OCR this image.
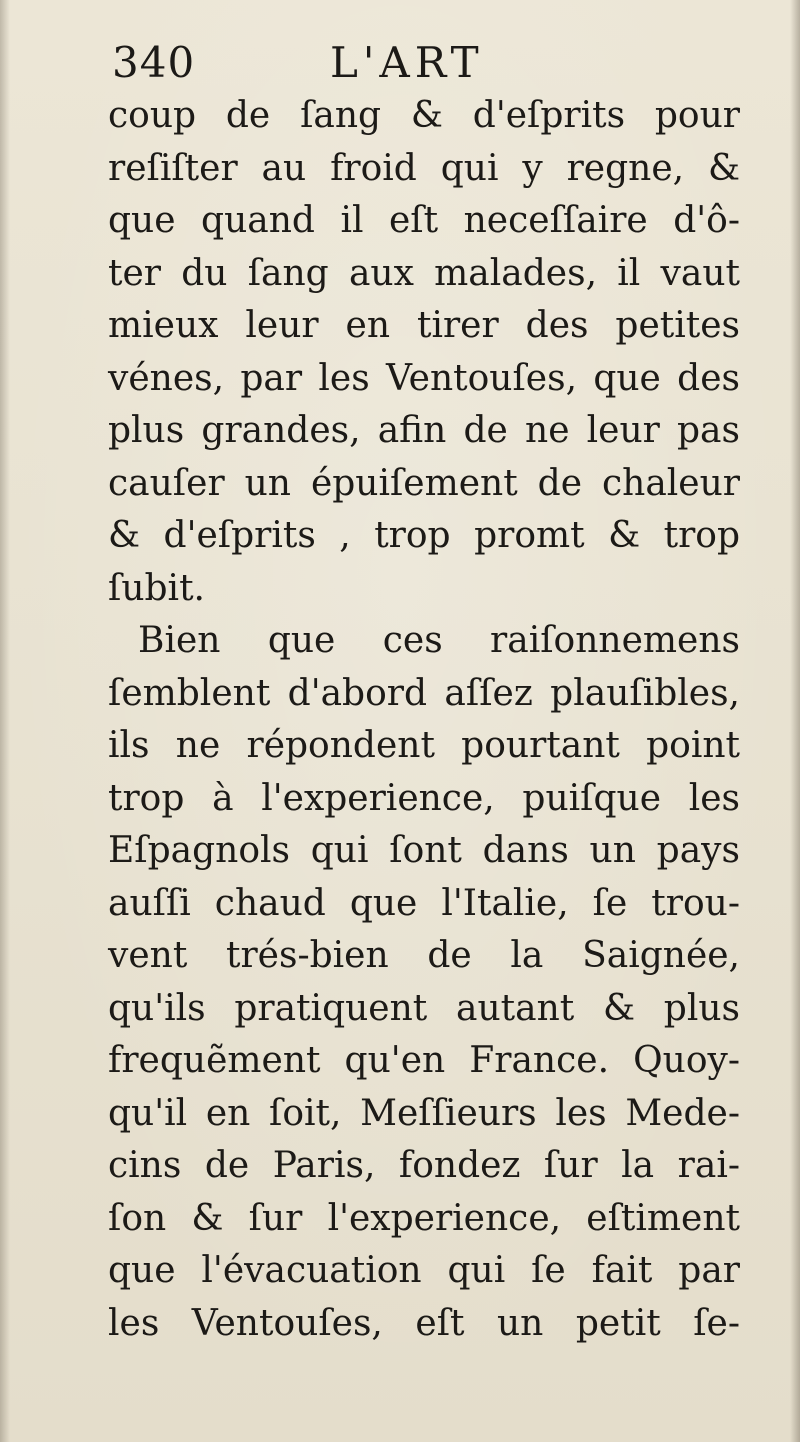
340	L'ART
coup de ſang & d'eſprits pour
reſiſter au froid qui y regne, &
que quand il eſt neceſſaire d'ô-
ter du ſang aux malades, il vaut
mieux leur en tirer des petites
vénes, par les Ventouſes, que des
plus grandes, afin de ne leur pas
cauſer un épuiſement de chaleur
& d'eſprits , trop promt & trop
ſubit.
Bien que ces raiſonnemens
ſemblent d'abord aſſez plauſibles,
ils ne répondent pourtant point
trop à l'experience, puiſque les
Eſpagnols qui ſont dans un pays
auſſi chaud que l'Italie, ſe trou-
vent trés-bien de la Saignée,
qu'ils pratiquent autant & plus
frequẽment qu'en France. Quoy-
qu'il en ſoit, Meſſieurs les Mede-
cins de Paris, fondez ſur la rai-
ſon & ſur l'experience, eſtiment
que l'évacuation qui ſe fait par
les Ventouſes, eſt un petit ſe-
